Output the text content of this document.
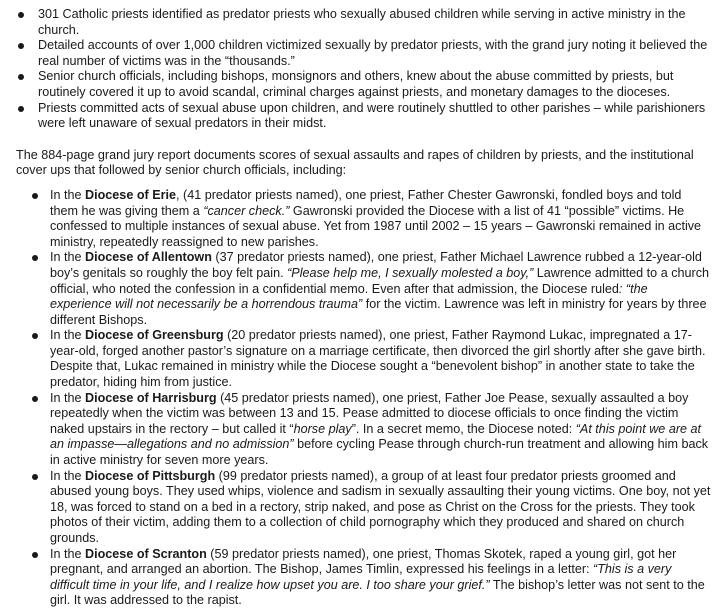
301 Catholic priests identified as predator priests who sexually abused children while serving in active ministry in the church.
Detailed accounts of over 1,000 children victimized sexually by predator priests, with the grand jury noting it believed the real number of victims was in the “thousands.”
Senior church officials, including bishops, monsignors and others, knew about the abuse committed by priests, but routinely covered it up to avoid scandal, criminal charges against priests, and monetary damages to the dioceses.
Priests committed acts of sexual abuse upon children, and were routinely shuttled to other parishes – while parishioners were left unaware of sexual predators in their midst.

The 884-page grand jury report documents scores of sexual assaults and rapes of children by priests, and the institutional cover ups that followed by senior church officials, including:

In the Diocese of Erie, (41 predator priests named), one priest, Father Chester Gawronski, fondled boys and told them he was giving them a “cancer check.” Gawronski provided the Diocese with a list of 41 “possible” victims. He confessed to multiple instances of sexual abuse. Yet from 1987 until 2002 – 15 years – Gawronski remained in active ministry, repeatedly reassigned to new parishes.
In the Diocese of Allentown (37 predator priests named), one priest, Father Michael Lawrence rubbed a 12-year-old boy’s genitals so roughly the boy felt pain. “Please help me, I sexually molested a boy,” Lawrence admitted to a church official, who noted the confession in a confidential memo. Even after that admission, the Diocese ruled: “the experience will not necessarily be a horrendous trauma” for the victim. Lawrence was left in ministry for years by three different Bishops.
In the Diocese of Greensburg (20 predator priests named), one priest, Father Raymond Lukac, impregnated a 17-year-old, forged another pastor’s signature on a marriage certificate, then divorced the girl shortly after she gave birth. Despite that, Lukac remained in ministry while the Diocese sought a “benevolent bishop” in another state to take the predator, hiding him from justice.
In the Diocese of Harrisburg (45 predator priests named), one priest, Father Joe Pease, sexually assaulted a boy repeatedly when the victim was between 13 and 15. Pease admitted to diocese officials to once finding the victim naked upstairs in the rectory – but called it “horse play”. In a secret memo, the Diocese noted: “At this point we are at an impasse—allegations and no admission” before cycling Pease through church-run treatment and allowing him back in active ministry for seven more years.
In the Diocese of Pittsburgh (99 predator priests named), a group of at least four predator priests groomed and abused young boys. They used whips, violence and sadism in sexually assaulting their young victims. One boy, not yet 18, was forced to stand on a bed in a rectory, strip naked, and pose as Christ on the Cross for the priests. They took photos of their victim, adding them to a collection of child pornography which they produced and shared on church grounds.
In the Diocese of Scranton (59 predator priests named), one priest, Thomas Skotek, raped a young girl, got her pregnant, and arranged an abortion. The Bishop, James Timlin, expressed his feelings in a letter: “This is a very difficult time in your life, and I realize how upset you are. I too share your grief.” The bishop’s letter was not sent to the girl. It was addressed to the rapist.
